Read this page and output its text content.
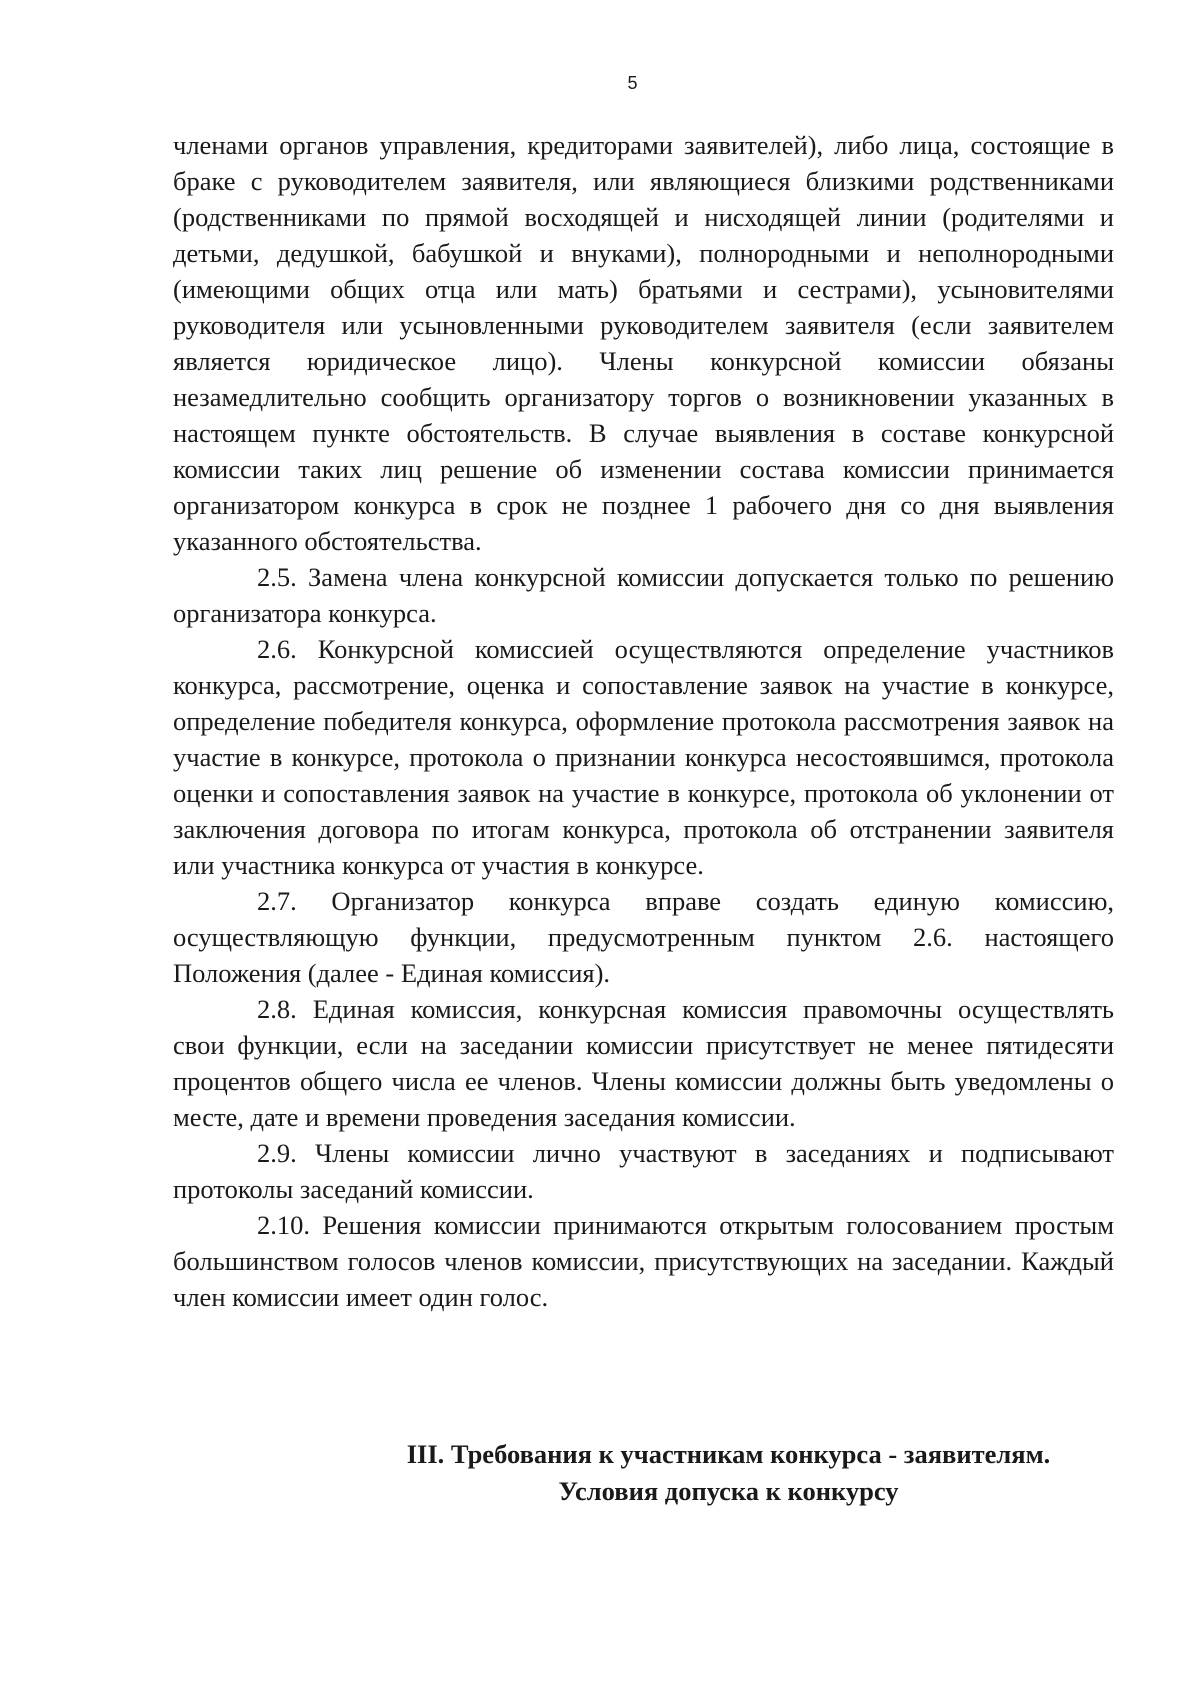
5

членами органов управления, кредиторами заявителей), либо лица, состоящие в браке с руководителем заявителя, или являющиеся близкими родственниками (родственниками по прямой восходящей и нисходящей линии (родителями и детьми, дедушкой, бабушкой и внуками), полнородными и неполнородными (имеющими общих отца или мать) братьями и сестрами), усыновителями руководителя или усыновленными руководителем заявителя (если заявителем является юридическое лицо). Члены конкурсной комиссии обязаны незамедлительно сообщить организатору торгов о возникновении указанных в настоящем пункте обстоятельств. В случае выявления в составе конкурсной комиссии таких лиц решение об изменении состава комиссии принимается организатором конкурса в срок не позднее 1 рабочего дня со дня выявления указанного обстоятельства.

2.5. Замена члена конкурсной комиссии допускается только по решению организатора конкурса.

2.6. Конкурсной комиссией осуществляются определение участников конкурса, рассмотрение, оценка и сопоставление заявок на участие в конкурсе, определение победителя конкурса, оформление протокола рассмотрения заявок на участие в конкурсе, протокола о признании конкурса несостоявшимся, протокола оценки и сопоставления заявок на участие в конкурсе, протокола об уклонении от заключения договора по итогам конкурса, протокола об отстранении заявителя или участника конкурса от участия в конкурсе.

2.7. Организатор конкурса вправе создать единую комиссию, осуществляющую функции, предусмотренным пунктом 2.6. настоящего Положения (далее - Единая комиссия).

2.8. Единая комиссия, конкурсная комиссия правомочны осуществлять свои функции, если на заседании комиссии присутствует не менее пятидесяти процентов общего числа ее членов. Члены комиссии должны быть уведомлены о месте, дате и времени проведения заседания комиссии.

2.9. Члены комиссии лично участвуют в заседаниях и подписывают протоколы заседаний комиссии.

2.10. Решения комиссии принимаются открытым голосованием простым большинством голосов членов комиссии, присутствующих на заседании. Каждый член комиссии имеет один голос.

III. Требования к участникам конкурса - заявителям.
Условия допуска к конкурсу
